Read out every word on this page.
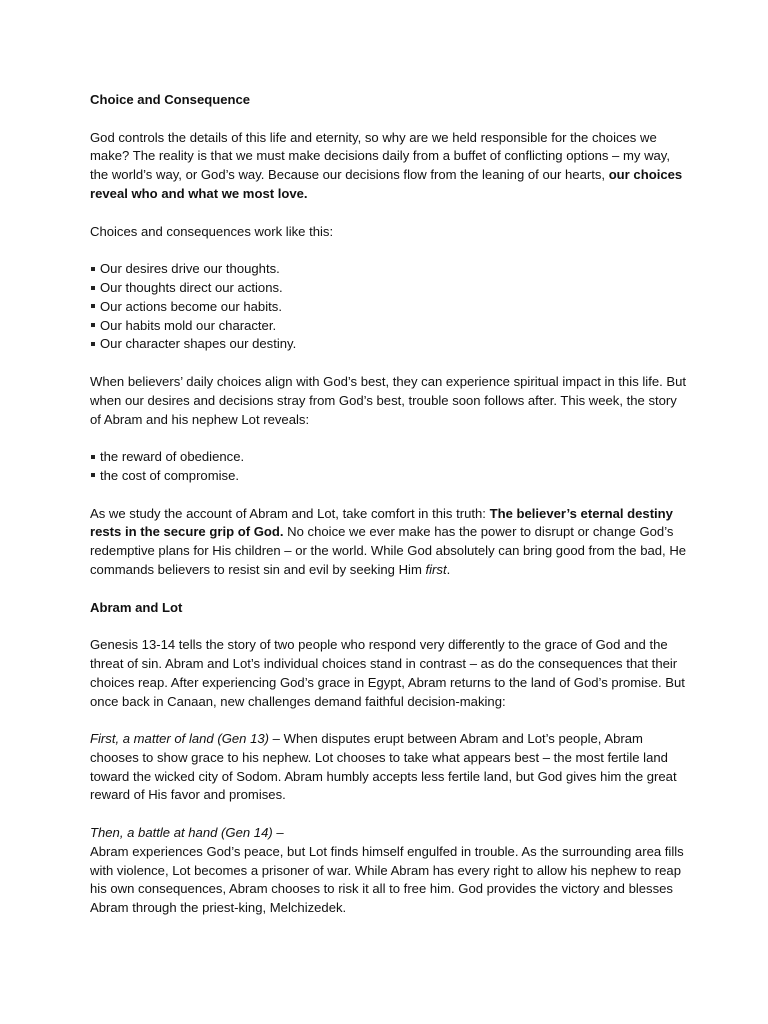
Choice and Consequence

God controls the details of this life and eternity, so why are we held responsible for the choices we make? The reality is that we must make decisions daily from a buffet of conflicting options – my way, the world’s way, or God’s way. Because our decisions flow from the leaning of our hearts, our choices reveal who and what we most love.

Choices and consequences work like this:

Our desires drive our thoughts.
Our thoughts direct our actions.
Our actions become our habits.
Our habits mold our character.
Our character shapes our destiny.

When believers’ daily choices align with God’s best, they can experience spiritual impact in this life. But when our desires and decisions stray from God’s best, trouble soon follows after. This week, the story of Abram and his nephew Lot reveals:

the reward of obedience.
the cost of compromise.

As we study the account of Abram and Lot, take comfort in this truth: The believer’s eternal destiny rests in the secure grip of God. No choice we ever make has the power to disrupt or change God’s redemptive plans for His children – or the world. While God absolutely can bring good from the bad, He commands believers to resist sin and evil by seeking Him first.

Abram and Lot

Genesis 13-14 tells the story of two people who respond very differently to the grace of God and the threat of sin. Abram and Lot’s individual choices stand in contrast – as do the consequences that their choices reap. After experiencing God’s grace in Egypt, Abram returns to the land of God’s promise. But once back in Canaan, new challenges demand faithful decision-making:

First, a matter of land (Gen 13) – When disputes erupt between Abram and Lot’s people, Abram chooses to show grace to his nephew. Lot chooses to take what appears best – the most fertile land toward the wicked city of Sodom. Abram humbly accepts less fertile land, but God gives him the great reward of His favor and promises.

Then, a battle at hand (Gen 14) –
Abram experiences God’s peace, but Lot finds himself engulfed in trouble. As the surrounding area fills with violence, Lot becomes a prisoner of war. While Abram has every right to allow his nephew to reap his own consequences, Abram chooses to risk it all to free him. God provides the victory and blesses Abram through the priest-king, Melchizedek.
